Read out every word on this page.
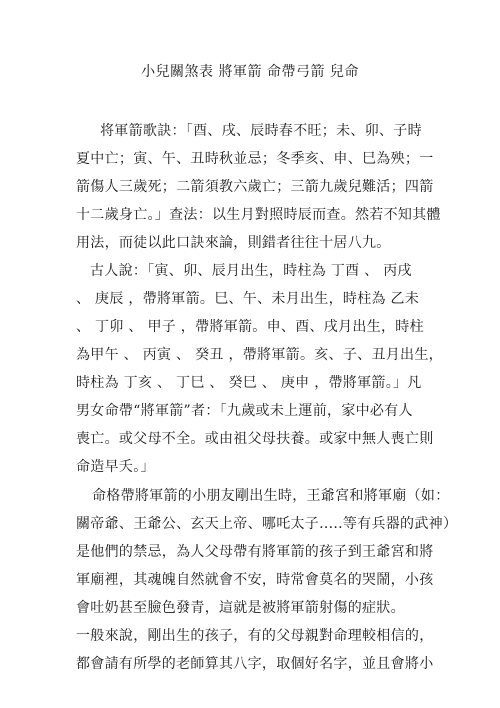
小兒關煞表 將軍箭 命帶弓箭 兒命
将軍箭歌訣：「酉、戌、辰時春不旺；未、卯、子時
夏中亡；寅、午、丑時秋並忌；冬季亥、申、巳為殃；一
箭傷人三歲死；二箭須教六歲亡；三箭九歲兒難活；四箭
十二歲身亡。」查法：以生月對照時辰而查。然若不知其體
用法，而徒以此口訣來論，則錯者往往十居八九。
古人說：「寅、卯、辰月出生，時柱為 丁酉 、 丙戌
、 庚辰 ，帶將軍箭。巳、午、未月出生，時柱為 乙未
、 丁卯 、 甲子 ，帶將軍箭。申、酉、戌月出生，時柱
為甲午 、 丙寅 、 癸丑 ，帶將軍箭。亥、子、丑月出生，
時柱為 丁亥 、 丁巳 、 癸巳 、 庚申 ，帶將軍箭。」凡
男女命帶“將軍箭”者：「九歲或未上運前，家中必有人
喪亡。或父母不全。或由祖父母扶養。或家中無人喪亡則
命造早夭。」
命格帶將軍箭的小朋友剛出生時，王爺宮和將軍廟（如：
關帝爺、王爺公、玄天上帝、哪吒太子.....等有兵器的武神）
是他們的禁忌，為人父母帶有將軍箭的孩子到王爺宮和將
軍廟裡，其魂魄自然就會不安，時常會莫名的哭鬧，小孩
會吐奶甚至臉色發青，這就是被將軍箭射傷的症狀。
一般來說，剛出生的孩子，有的父母親對命理較相信的，
都會請有所學的老師算其八字，取個好名字，並且會將小
